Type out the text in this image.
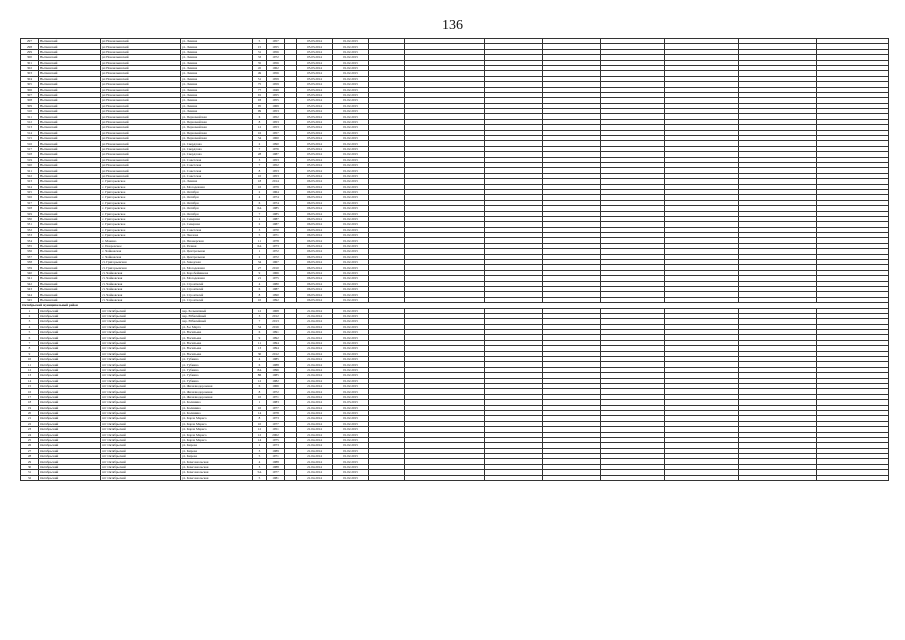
136
297	Нытвенский	рп Новоильинский	ул. Ленина	5	1957		05.03.2014	01.02.2015								
298	Нытвенский	рп Новоильинский	ул. Ленина	15	1955		05.03.2014	01.02.2015								
299	Нытвенский	рп Новоильинский	ул. Ленина	31	1956		05.03.2014	01.02.2015								
300	Нытвенский	рп Новоильинский	ул. Ленина	33	1972		05.03.2014	01.02.2015								
301	Нытвенский	рп Новоильинский	ул. Ленина	35	1956		05.03.2014	01.02.2015								
302	Нытвенский	рп Новоильинский	ул. Ленина	45	1962		05.03.2014	01.02.2015								
303	Нытвенский	рп Новоильинский	ул. Ленина	49	1956		05.03.2014	01.02.2015								
304	Нытвенский	рп Новоильинский	ул. Ленина	51	1959		05.03.2014	01.02.2015								
305	Нытвенский	рп Новоильинский	ул. Ленина	75	1959		05.03.2014	01.02.2015								
306	Нытвенский	рп Новоильинский	ул. Ленина	77	1949		05.03.2014	01.02.2015								
307	Нытвенский	рп Новоильинский	ул. Ленина	91	1955		05.03.2014	01.02.2015								
308	Нытвенский	рп Новоильинский	ул. Ленина	93	1955		05.03.2014	01.02.2015								
309	Нытвенский	рп Новоильинский	ул. Ленина	95	1969		05.03.2014	01.02.2015								
310	Нытвенский	рп Новоильинский	ул. Ленина	99	1953		05.03.2014	01.02.2015								
311	Нытвенский	рп Новоильинский	ул. Первомайская	6	1952		05.03.2014	01.02.2015								
312	Нытвенский	рп Новоильинский	ул. Первомайская	8	1953		05.03.2014	01.02.2015								
313	Нытвенский	рп Новоильинский	ул. Первомайская	12	1953		05.03.2014	01.02.2015								
314	Нытвенский	рп Новоильинский	ул. Первомайская	16	1957		05.03.2014	01.02.2015								
315	Нытвенский	рп Новоильинский	ул. Первомайская	54	1960		05.03.2014	01.02.2015								
316	Нытвенский	рп Новоильинский	ул. Свердлова	2	1990		05.03.2014	01.02.2015								
317	Нытвенский	рп Новоильинский	ул. Свердлова	7	1976		05.03.2014	01.02.2015								
318	Нытвенский	рп Новоильинский	ул. Свердлова	28	1987		05.03.2014	01.02.2015								
319	Нытвенский	рп Новоильинский	ул. Советская	3	1953		05.03.2014	01.02.2015								
320	Нытвенский	рп Новоильинский	ул. Советская	7	1952		05.03.2014	01.02.2015								
321	Нытвенский	рп Новоильинский	ул. Советская	8	1953		05.03.2014	01.02.2015								
322	Нытвенский	рп Новоильинский	ул. Советская	10	1953		05.03.2014	01.02.2015								
323	Нытвенский	с. Григорьевское	ул. Ленина	18	2014		06.03.2014	01.02.2015								
324	Нытвенский	с. Григорьевское	ул. Молодежная	16	1979		06.03.2014	01.02.2015								
325	Нытвенский	с. Григорьевское	ул. Октября	2	1964		06.03.2014	01.02.2015								
326	Нытвенский	с. Григорьевское	ул. Октября	4	1974		06.03.2014	01.02.2015								
327	Нытвенский	с. Григорьевское	ул. Октября	6	1974		06.03.2014	01.02.2015								
328	Нытвенский	с. Григорьевское	ул. Октября	6А	1985		06.03.2014	01.02.2015								
329	Нытвенский	с. Григорьевское	ул. Октября	7	1985		06.03.2014	01.02.2015								
330	Нытвенский	с. Григорьевское	ул. Северная	1	1987		06.03.2014	01.02.2015								
331	Нытвенский	с. Григорьевское	ул. Северная	2	1987		06.03.2014	01.02.2015								
332	Нытвенский	с. Григорьевское	ул. Советская	3	1970		06.03.2014	01.02.2015								
333	Нытвенский	с. Григорьевское	ул. Чкалова	5	1971		06.03.2014	01.02.2015								
334	Нытвенский	с. Мокино	ул. Пионерская	11	1978		06.03.2014	01.02.2015								
335	Нытвенский	с. Покровское	ул. Речная	6А	1973		06.03.2014	01.02.2015								
336	Нытвенский	с. Чайковская	ул. Центральная	1	1972		06.03.2014	01.02.2015								
337	Нытвенский	с. Чайковская	ул. Центральная	2	1972		06.03.2014	01.02.2015								
338	Нытвенский	ст. Григорьевская	ул. Заводская	34	1967		06.03.2014	01.02.2015								
339	Нытвенский	ст. Григорьевская	ул. Молодежная	27	2010		06.03.2014	01.02.2015								
340	Нытвенский	ст. Чайковская	ул. Коробейникова	9	1966		06.03.2014	01.02.2015								
341	Нытвенский	ст. Чайковская	ул. Молодежная	21	1975		06.03.2014	01.02.2015								
342	Нытвенский	ст. Чайковская	ул. Строителей	4	1980		06.03.2014	01.02.2015								
343	Нытвенский	ст. Чайковская	ул. Строителей	6	1987		06.03.2014	01.02.2015								
344	Нытвенский	ст. Чайковская	ул. Строителей	8	1990		06.03.2014	01.02.2015								
345	Нытвенский	ст. Чайковская	ул. Строителей	10	1992		06.03.2014	01.02.2015								
Октябрьский муниципальный район																
1	Октябрьский	пгт Октябрьский	пер. Больничный	12	1968		21.04.2014	01.02.2015								
2	Октябрьский	пгт Октябрьский	пер. Юбилейный	3	2012		21.04.2014	01.02.2015								
3	Октябрьский	пгт Октябрьский	пер. Юбилейный	7	2013		21.04.2014	01.02.2015								
4	Октябрьский	пгт Октябрьский	ул. 8-е Марта	54	2016		21.04.2014	01.02.2015								
5	Октябрьский	пгт Октябрьский	ул. Васильева	6	1991		21.04.2014	01.02.2015								
6	Октябрьский	пгт Октябрьский	ул. Васильева	9	1992		21.04.2014	01.02.2015								
7	Октябрьский	пгт Октябрьский	ул. Васильева	11	1994		21.04.2014	01.02.2015								
8	Октябрьский	пгт Октябрьский	ул. Васильева	13	1994		21.04.2014	01.02.2015								
9	Октябрьский	пгт Октябрьский	ул. Васильева	30	2012		21.04.2014	01.02.2015								
10	Октябрьский	пгт Октябрьский	ул. Губкина	4	1985		21.04.2014	01.02.2015								
11	Октябрьский	пгт Октябрьский	ул. Губкина	6	1988		21.04.2014	01.02.2015								
12	Октябрьский	пгт Октябрьский	ул. Губкина	8А	1996		21.04.2014	01.02.2015								
13	Октябрьский	пгт Октябрьский	ул. Губкина	8Б	1985		21.04.2014	01.02.2015								
14	Октябрьский	пгт Октябрьский	ул. Губкина	12	1982		21.04.2014	01.02.2015								
15	Октябрьский	пгт Октябрьский	ул. Железнодорожная	6	1966		21.04.2014	01.02.2015								
16	Октябрьский	пгт Октябрьский	ул. Железнодорожная	8	1972		21.04.2014	01.02.2015								
17	Октябрьский	пгт Октябрьский	ул. Железнодорожная	10	1971		21.04.2014	01.02.2015								
18	Октябрьский	пгт Октябрьский	ул. Калинина	1	1983		21.04.2014	01.03.2015								
19	Октябрьский	пгт Октябрьский	ул. Калинина	10	1977		21.04.2014	01.02.2015								
20	Октябрьский	пгт Октябрьский	ул. Калинина	14	1978		21.04.2014	01.02.2015								
21	Октябрьский	пгт Октябрьский	ул. Карла Маркса	8	1973		21.04.2014	01.02.2015								
22	Октябрьский	пгт Октябрьский	ул. Карла Маркса	10	1977		21.04.2014	01.02.2015								
23	Октябрьский	пгт Октябрьский	ул. Карла Маркса	12	1951		21.04.2014	01.02.2015								
24	Октябрьский	пгт Октябрьский	ул. Карла Маркса	12	2002		21.04.2014	01.02.2015								
25	Октябрьский	пгт Октябрьский	ул. Карла Маркса	14	1975		21.04.2014	01.02.2015								
26	Октябрьский	пгт Октябрьский	ул. Кирова	1	1973		21.04.2014	01.02.2015								
27	Октябрьский	пгт Октябрьский	ул. Кирова	3	1989		21.04.2014	01.02.2015								
28	Октябрьский	пгт Октябрьский	ул. Кирова	5	1971		21.04.2014	01.02.2015								
29	Октябрьский	пгт Октябрьский	ул. Комсомольская	4	1988		21.04.2014	01.02.2015								
30	Октябрьский	пгт Октябрьский	ул. Комсомольская	3	1988		21.04.2014	01.02.2015								
31	Октябрьский	пгт Октябрьский	ул. Комсомольская	5А	1977		21.04.2014	01.02.2015								
32	Октябрьский	пгт Октябрьский	ул. Комсомольская	5	1981		21.04.2014	01.02.2015								
